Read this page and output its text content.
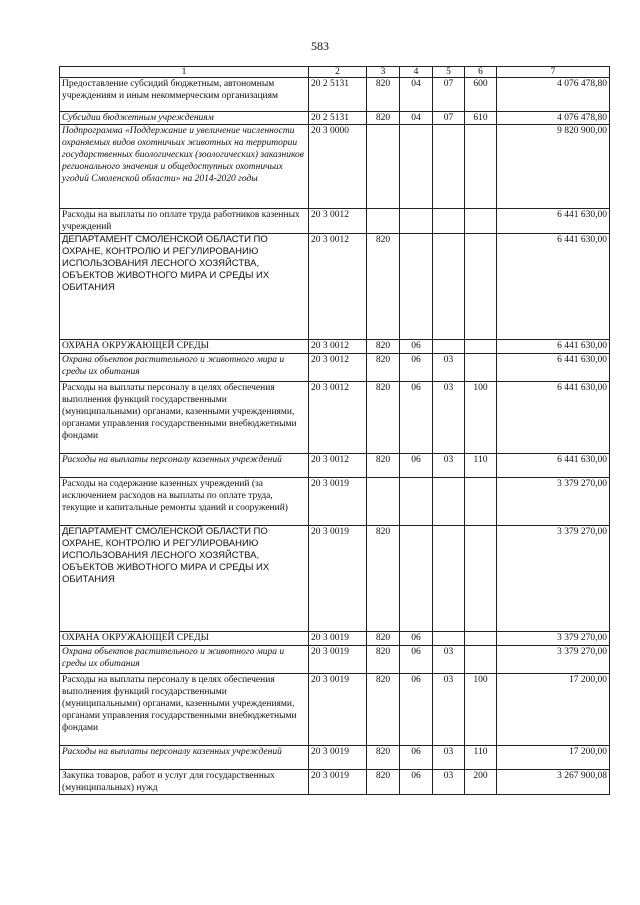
583
1	2	3	4	5	6	7
Предоставление субсидий бюджетным, автономным учреждениям и иным некоммерческим организациям	20 2 5131	820	04	07	600	4 076 478,80
Субсидии бюджетным учреждениям	20 2 5131	820	04	07	610	4 076 478,80
Подпрограмма «Поддержание и увеличение численности охраняемых видов охотничьих животных на территории государственных биологических (зоологических) заказников регионального значения и общедоступных охотничьих угодий Смоленской области» на 2014-2020 годы	20 3 0000					9 820 900,00
Расходы на выплаты по оплате труда работников казенных учреждений	20 3 0012					6 441 630,00
ДЕПАРТАМЕНТ СМОЛЕНСКОЙ ОБЛАСТИ ПО ОХРАНЕ, КОНТРОЛЮ И РЕГУЛИРОВАНИЮ ИСПОЛЬЗОВАНИЯ ЛЕСНОГО ХОЗЯЙСТВА, ОБЪЕКТОВ ЖИВОТНОГО МИРА И СРЕДЫ ИХ ОБИТАНИЯ	20 3 0012	820				6 441 630,00
ОХРАНА ОКРУЖАЮЩЕЙ СРЕДЫ	20 3 0012	820	06			6 441 630,00
Охрана объектов растительного и животного мира и среды их обитания	20 3 0012	820	06	03		6 441 630,00
Расходы на выплаты персоналу в целях обеспечения выполнения функций государственными (муниципальными) органами, казенными учреждениями, органами управления государственными внебюджетными фондами	20 3 0012	820	06	03	100	6 441 630,00
Расходы на выплаты персоналу казенных учреждений	20 3 0012	820	06	03	110	6 441 630,00
Расходы на содержание казенных учреждений (за исключением расходов на выплаты по оплате труда, текущие и капитальные ремонты зданий и сооружений)	20 3 0019					3 379 270,00
ДЕПАРТАМЕНТ СМОЛЕНСКОЙ ОБЛАСТИ ПО ОХРАНЕ, КОНТРОЛЮ И РЕГУЛИРОВАНИЮ ИСПОЛЬЗОВАНИЯ ЛЕСНОГО ХОЗЯЙСТВА, ОБЪЕКТОВ ЖИВОТНОГО МИРА И СРЕДЫ ИХ ОБИТАНИЯ	20 3 0019	820				3 379 270,00
ОХРАНА ОКРУЖАЮЩЕЙ СРЕДЫ	20 3 0019	820	06			3 379 270,00
Охрана объектов растительного и животного мира и среды их обитания	20 3 0019	820	06	03		3 379 270,00
Расходы на выплаты персоналу в целях обеспечения выполнения функций государственными (муниципальными) органами, казенными учреждениями, органами управления государственными внебюджетными фондами	20 3 0019	820	06	03	100	17 200,00
Расходы на выплаты персоналу казенных учреждений	20 3 0019	820	06	03	110	17 200,00
Закупка товаров, работ и услуг для государственных (муниципальных) нужд	20 3 0019	820	06	03	200	3 267 900,08
